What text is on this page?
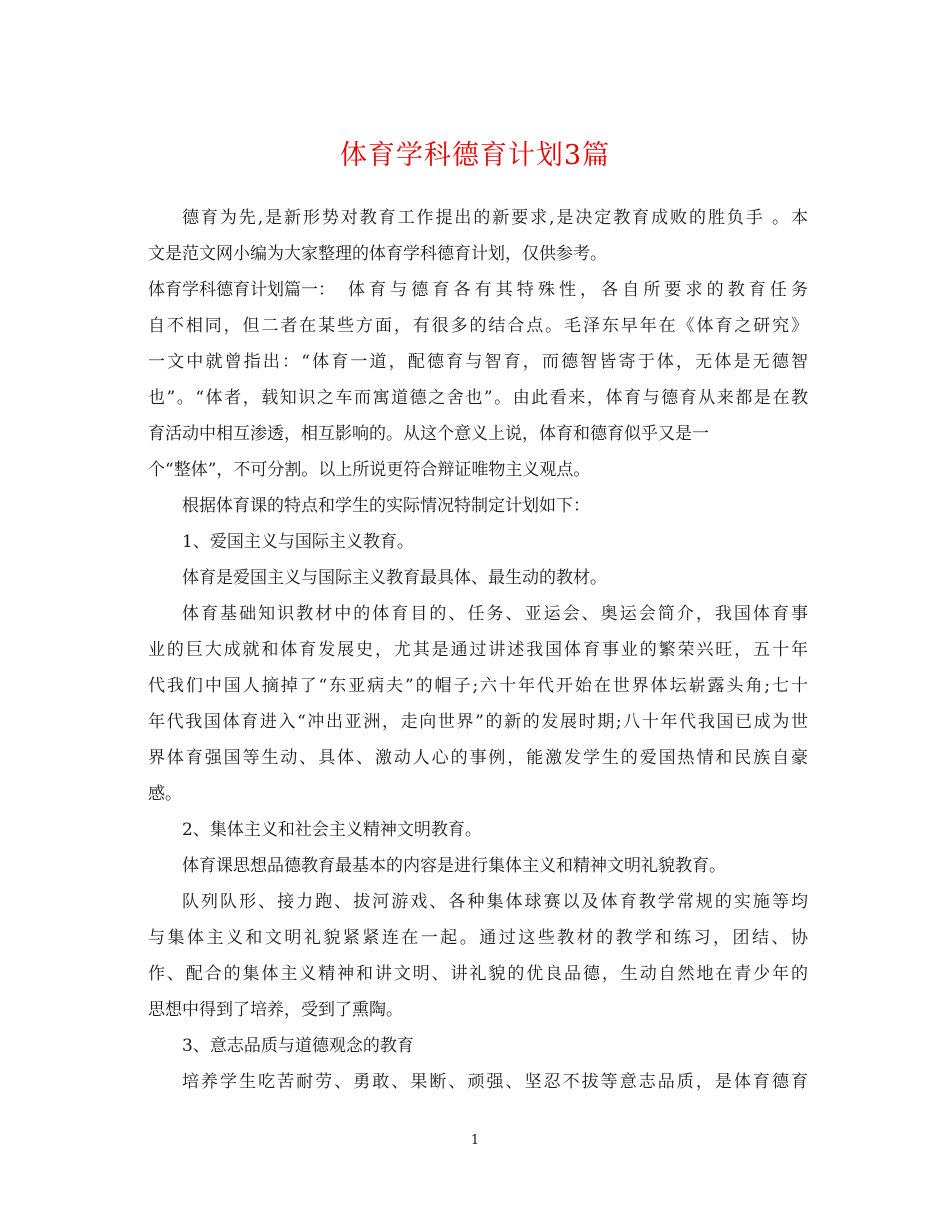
体育学科德育计划3篇
德育为先,是新形势对教育工作提出的新要求,是决定教育成败的胜负手 。本
文是范文网小编为大家整理的体育学科德育计划，仅供参考。
体育学科德育计划篇一： 体育与德育各有其特殊性，各自所要求的教育任务
自不相同，但二者在某些方面，有很多的结合点。毛泽东早年在《体育之研究》
一文中就曾指出：“体育一道，配德育与智育，而德智皆寄于体，无体是无德智
也”。“体者，载知识之车而寓道德之舍也”。由此看来，体育与德育从来都是在教
育活动中相互渗透，相互影响的。从这个意义上说，体育和德育似乎又是一
个“整体”，不可分割。以上所说更符合辩证唯物主义观点。
根据体育课的特点和学生的实际情况特制定计划如下：
1、爱国主义与国际主义教育。
体育是爱国主义与国际主义教育最具体、最生动的教材。
体育基础知识教材中的体育目的、任务、亚运会、奥运会简介，我国体育事
业的巨大成就和体育发展史，尤其是通过讲述我国体育事业的繁荣兴旺，五十年
代我们中国人摘掉了“东亚病夫”的帽子;六十年代开始在世界体坛崭露头角;七十
年代我国体育进入“冲出亚洲，走向世界”的新的发展时期;八十年代我国已成为世
界体育强国等生动、具体、激动人心的事例，能激发学生的爱国热情和民族自豪
感。
2、集体主义和社会主义精神文明教育。
体育课思想品德教育最基本的内容是进行集体主义和精神文明礼貌教育。
队列队形、接力跑、拔河游戏、各种集体球赛以及体育教学常规的实施等均
与集体主义和文明礼貌紧紧连在一起。通过这些教材的教学和练习，团结、协
作、配合的集体主义精神和讲文明、讲礼貌的优良品德，生动自然地在青少年的
思想中得到了培养，受到了熏陶。
3、意志品质与道德观念的教育
培养学生吃苦耐劳、勇敢、果断、顽强、坚忍不拔等意志品质，是体育德育
1
